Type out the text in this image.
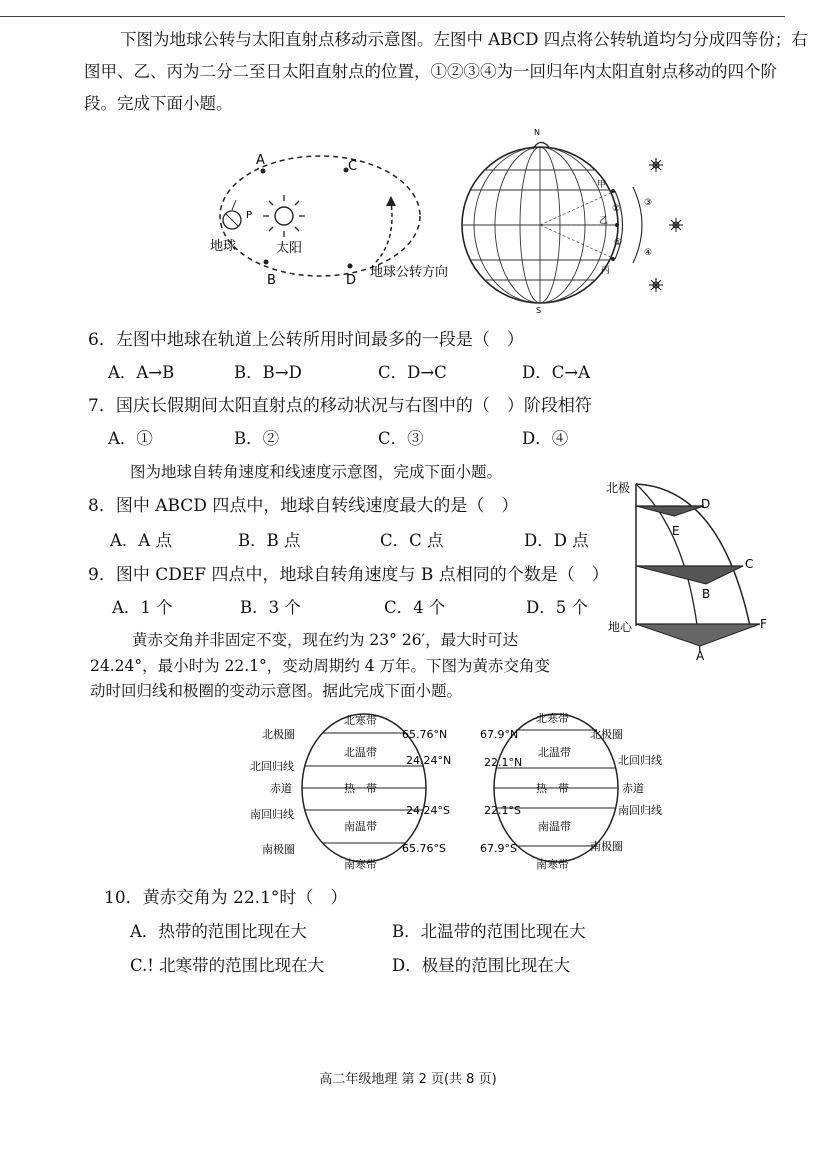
下图为地球公转与太阳直射点移动示意图。左图中 ABCD 四点将公转轨道均匀分成四等份；右
图甲、乙、丙为二分二至日太阳直射点的位置，①②③④为一回归年内太阳直射点移动的四个阶
段。完成下面小题。
A	C
B	D
P
地球	太阳
地球公转方向
N
S
甲
乙
丙
②
①
③
④
6．左图中地球在轨道上公转所用时间最多的一段是（　）
A．A→B	B．B→D	C．D→C	D．C→A
7．国庆长假期间太阳直射点的移动状况与右图中的（　）阶段相符
A．①	B．②	C．③	D．④
图为地球自转角速度和线速度示意图，完成下面小题。
8．图中 ABCD 四点中，地球自转线速度最大的是（　）
A．A 点	B．B 点	C．C 点	D．D 点
9．图中 CDEF 四点中，地球自转角速度与 B 点相同的个数是（　）
A．1 个	B．3 个	C．4 个	D．5 个
北极
地心
D
E
C
B
F
A
黄赤交角并非固定不变，现在约为 23° 26′，最大时可达
24.24°，最小时为 22.1°，变动周期约 4 万年。下图为黄赤交角变
动时回归线和极圈的变动示意图。据此完成下面小题。
北极圈
北回归线
赤道
南回归线
南极圈
北寒带
北温带
热　带
南温带
南寒带
65.76°N
24.24°N
24.24°S
65.76°S
67.9°N
22.1°N
22.1°S
67.9°S
北寒带
北温带
热　带
南温带
南寒带
北极圈
北回归线
赤道
南回归线
南极圈
10．黄赤交角为 22.1°时（　）
A．热带的范围比现在大	B．北温带的范围比现在大
C.! 北寒带的范围比现在大	D．极昼的范围比现在大
高二年级地理 第 2 页(共 8 页)
